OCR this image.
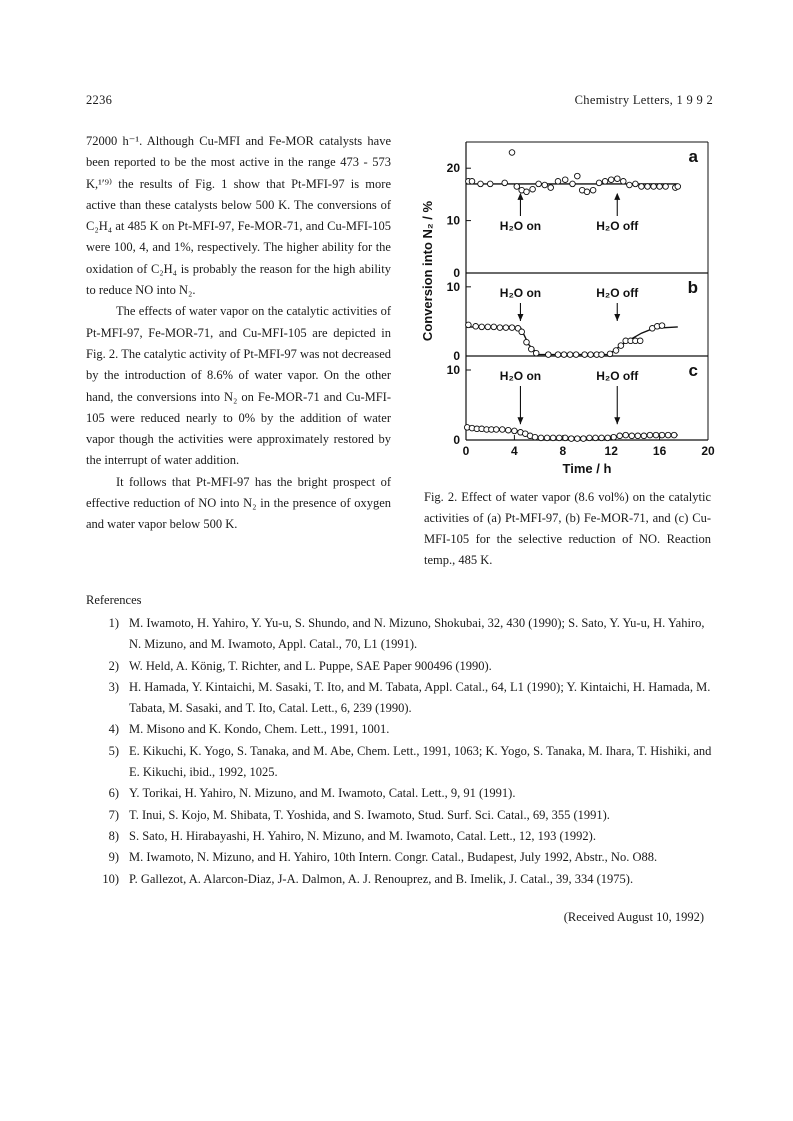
2236	Chemistry Letters, 1 9 9 2

72000 h⁻¹. Although Cu-MFI and Fe-MOR catalysts have been reported to be the most active in the range 473 - 573 K,¹ʹ⁹⁾ the results of Fig. 1 show that Pt-MFI-97 is more active than these catalysts below 500 K. The conversions of C₂H₄ at 485 K on Pt-MFI-97, Fe-MOR-71, and Cu-MFI-105 were 100, 4, and 1%, respectively. The higher ability for the oxidation of C₂H₄ is probably the reason for the high ability to reduce NO into N₂.

The effects of water vapor on the catalytic activities of Pt-MFI-97, Fe-MOR-71, and Cu-MFI-105 are depicted in Fig. 2. The catalytic activity of Pt-MFI-97 was not decreased by the introduction of 8.6% of water vapor. On the other hand, the conversions into N₂ on Fe-MOR-71 and Cu-MFI-105 were reduced nearly to 0% by the addition of water vapor though the activities were approximately restored by the interrupt of water addition.

It follows that Pt-MFI-97 has the bright prospect of effective reduction of NO into N₂ in the presence of oxygen and water vapor below 500 K.

0
10
20
a
H₂O on	H₂O off
0
10	b
H₂O on	H₂O off
0
10	c
H₂O on	H₂O off
0	4	8	12	16	20
Time / h
Conversion into N₂ / %
Fig. 2. Effect of water vapor (8.6 vol%) on the catalytic activities of (a) Pt-MFI-97, (b) Fe-MOR-71, and (c) Cu-MFI-105 for the selective reduction of NO. Reaction temp., 485 K.
References
1) M. Iwamoto, H. Yahiro, Y. Yu-u, S. Shundo, and N. Mizuno, Shokubai, 32, 430 (1990); S. Sato, Y. Yu-u, H. Yahiro, N. Mizuno, and M. Iwamoto, Appl. Catal., 70, L1 (1991).
2) W. Held, A. König, T. Richter, and L. Puppe, SAE Paper 900496 (1990).
3) H. Hamada, Y. Kintaichi, M. Sasaki, T. Ito, and M. Tabata, Appl. Catal., 64, L1 (1990); Y. Kintaichi, H. Hamada, M. Tabata, M. Sasaki, and T. Ito, Catal. Lett., 6, 239 (1990).
4) M. Misono and K. Kondo, Chem. Lett., 1991, 1001.
5) E. Kikuchi, K. Yogo, S. Tanaka, and M. Abe, Chem. Lett., 1991, 1063; K. Yogo, S. Tanaka, M. Ihara, T. Hishiki, and E. Kikuchi, ibid., 1992, 1025.
6) Y. Torikai, H. Yahiro, N. Mizuno, and M. Iwamoto, Catal. Lett., 9, 91 (1991).
7) T. Inui, S. Kojo, M. Shibata, T. Yoshida, and S. Iwamoto, Stud. Surf. Sci. Catal., 69, 355 (1991).
8) S. Sato, H. Hirabayashi, H. Yahiro, N. Mizuno, and M. Iwamoto, Catal. Lett., 12, 193 (1992).
9) M. Iwamoto, N. Mizuno, and H. Yahiro, 10th Intern. Congr. Catal., Budapest, July 1992, Abstr., No. O88.
10) P. Gallezot, A. Alarcon-Diaz, J-A. Dalmon, A. J. Renouprez, and B. Imelik, J. Catal., 39, 334 (1975).
(Received August 10, 1992)
